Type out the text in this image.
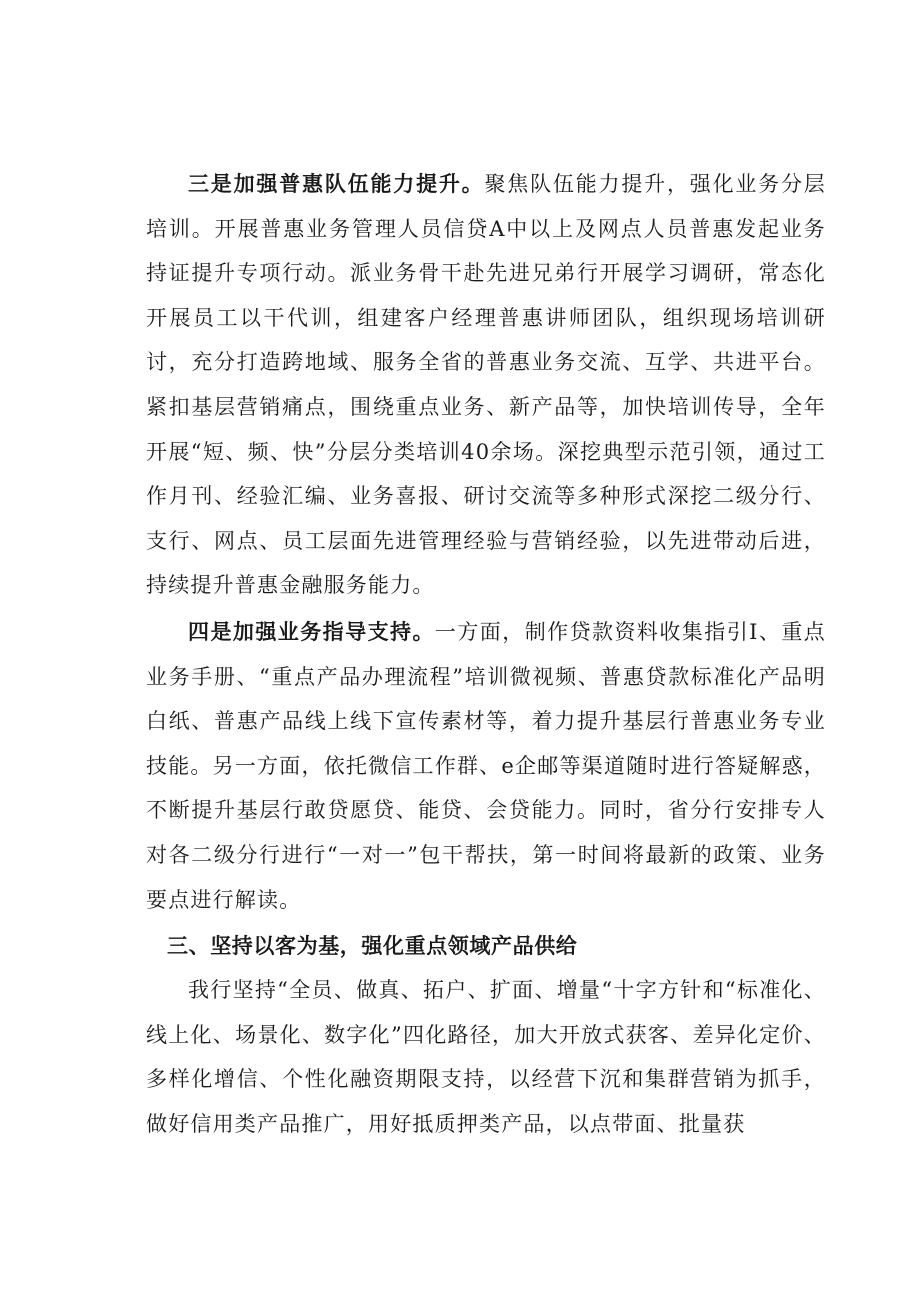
三是加强普惠队伍能力提升。聚焦队伍能力提升，强化业务分层培训。开展普惠业务管理人员信贷A中以上及网点人员普惠发起业务持证提升专项行动。派业务骨干赴先进兄弟行开展学习调研，常态化开展员工以干代训，组建客户经理普惠讲师团队，组织现场培训研讨，充分打造跨地域、服务全省的普惠业务交流、互学、共进平台。紧扣基层营销痛点，围绕重点业务、新产品等，加快培训传导，全年开展“短、频、快”分层分类培训40余场。深挖典型示范引领，通过工作月刊、经验汇编、业务喜报、研讨交流等多种形式深挖二级分行、支行、网点、员工层面先进管理经验与营销经验，以先进带动后进，持续提升普惠金融服务能力。

四是加强业务指导支持。一方面，制作贷款资料收集指引Ⅰ、重点业务手册、“重点产品办理流程”培训微视频、普惠贷款标准化产品明白纸、普惠产品线上线下宣传素材等，着力提升基层行普惠业务专业技能。另一方面，依托微信工作群、e企邮等渠道随时进行答疑解惑，不断提升基层行敢贷愿贷、能贷、会贷能力。同时，省分行安排专人对各二级分行进行“一对一”包干帮扶，第一时间将最新的政策、业务要点进行解读。

三、坚持以客为基，强化重点领域产品供给

我行坚持“全员、做真、拓户、扩面、增量“十字方针和“标准化、线上化、场景化、数字化”四化路径，加大开放式获客、差异化定价、多样化增信、个性化融资期限支持，以经营下沉和集群营销为抓手，做好信用类产品推广，用好抵质押类产品，以点带面、批量获
